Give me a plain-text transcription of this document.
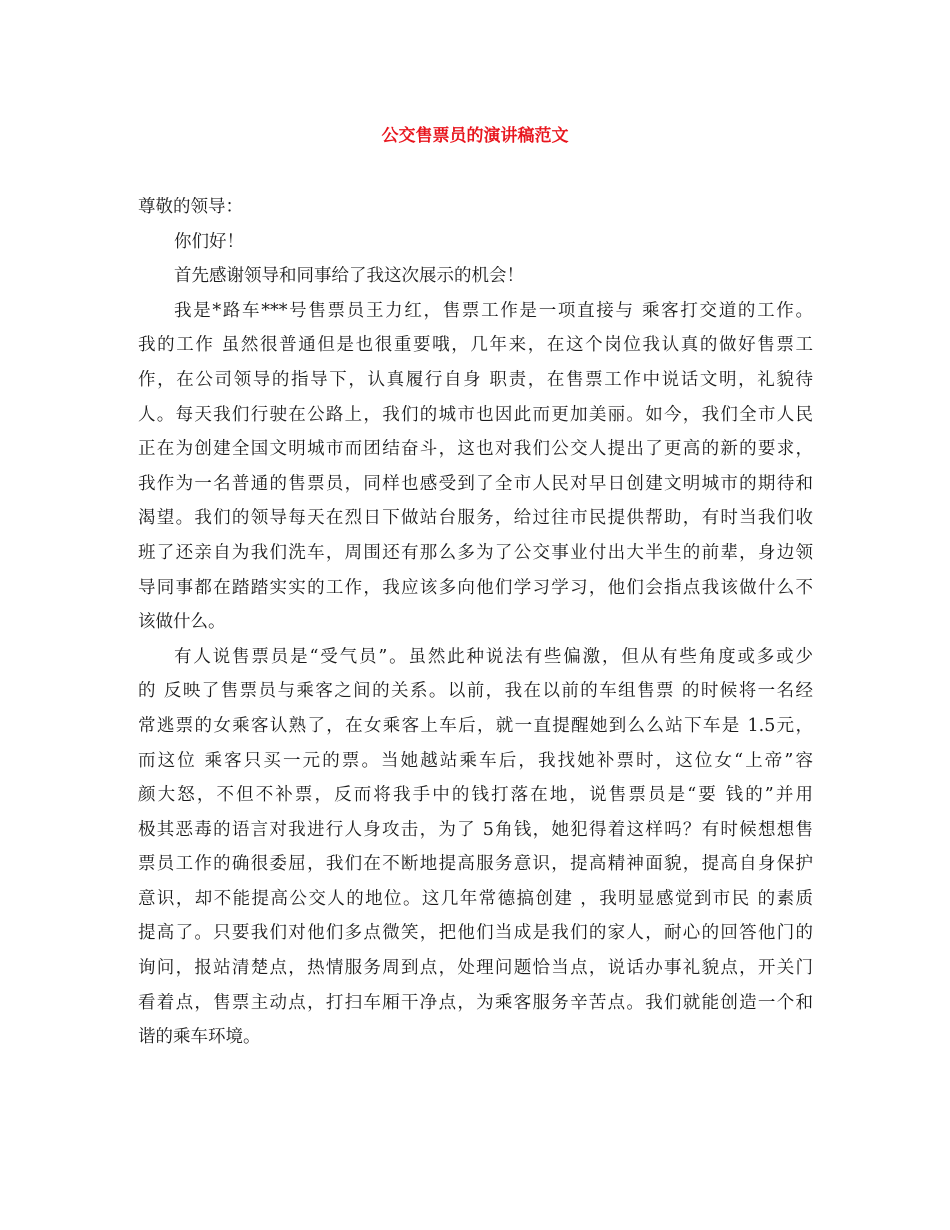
公交售票员的演讲稿范文
尊敬的领导：
你们好！
首先感谢领导和同事给了我这次展示的机会！
我是*路车***号售票员王力红，售票工作是一项直接与 乘客打交道的工作。
我的工作 虽然很普通但是也很重要哦，几年来，在这个岗位我认真的做好售票工
作，在公司领导的指导下，认真履行自身 职责，在售票工作中说话文明，礼貌待
人。每天我们行驶在公路上，我们的城市也因此而更加美丽。如今，我们全市人民
正在为创建全国文明城市而团结奋斗，这也对我们公交人提出了更高的新的要求，
我作为一名普通的售票员，同样也感受到了全市人民对早日创建文明城市的期待和
渴望。我们的领导每天在烈日下做站台服务，给过往市民提供帮助，有时当我们收
班了还亲自为我们洗车，周围还有那么多为了公交事业付出大半生的前辈，身边领
导同事都在踏踏实实的工作，我应该多向他们学习学习，他们会指点我该做什么不
该做什么。
有人说售票员是“受气员”。虽然此种说法有些偏激，但从有些角度或多或少
的 反映了售票员与乘客之间的关系。以前，我在以前的车组售票 的时候将一名经
常逃票的女乘客认熟了，在女乘客上车后，就一直提醒她到么么站下车是 1.5元，
而这位 乘客只买一元的票。当她越站乘车后，我找她补票时，这位女“上帝”容
颜大怒，不但不补票，反而将我手中的钱打落在地，说售票员是“要 钱的”并用
极其恶毒的语言对我进行人身攻击，为了 5角钱，她犯得着这样吗？有时候想想售
票员工作的确很委屈，我们在不断地提高服务意识，提高精神面貌，提高自身保护
意识，却不能提高公交人的地位。这几年常德搞创建 ，我明显感觉到市民 的素质
提高了。只要我们对他们多点微笑，把他们当成是我们的家人，耐心的回答他门的
询问，报站清楚点，热情服务周到点，处理问题恰当点，说话办事礼貌点，开关门
看着点，售票主动点，打扫车厢干净点，为乘客服务辛苦点。我们就能创造一个和
谐的乘车环境。
